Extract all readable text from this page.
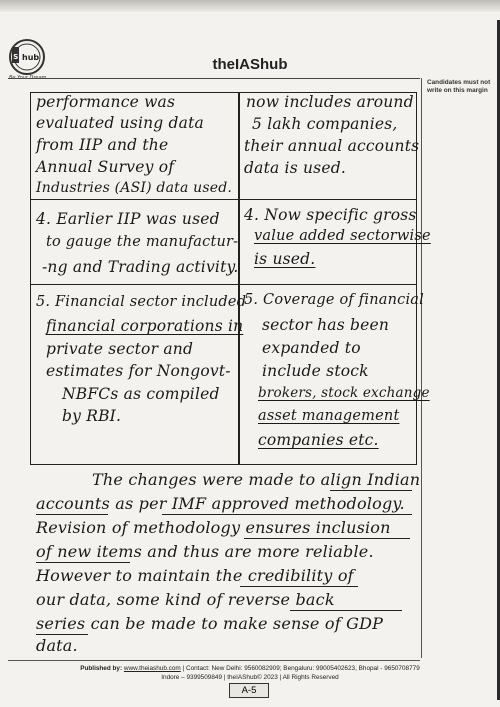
S hub	theIAShub
Candidates must not write on this margin
performance was
evaluated using data
from IIP and the
Annual Survey of
Industries (ASI) data used.
4. Earlier IIP was used
to gauge the manufactur-
-ng and Trading activity.
5. Financial sector included
financial corporations in
private sector and
estimates for Nongovt-
NBFCs as compiled
by RBI.
now includes around
5 lakh companies,
their annual accounts
data is used.
4. Now specific gross
value added sectorwise
is used.
5. Coverage of financial
sector has been
expanded to
include stock
brokers, stock exchange
asset management
companies etc.
The changes were made to align Indian
accounts as per IMF approved methodology.
Revision of methodology ensures inclusion
of new items and thus are more reliable.
However to maintain the credibility of
our data, some kind of reverse back
series can be made to make sense of GDP
data.
Published by: www.theiashub.com | Contact: New Delhi: 9560082909; Bengaluru: 99005402623, Bhopal - 9650708779
Indore – 9399509849 | theIAShub© 2023 | All Rights Reserved
A-5
